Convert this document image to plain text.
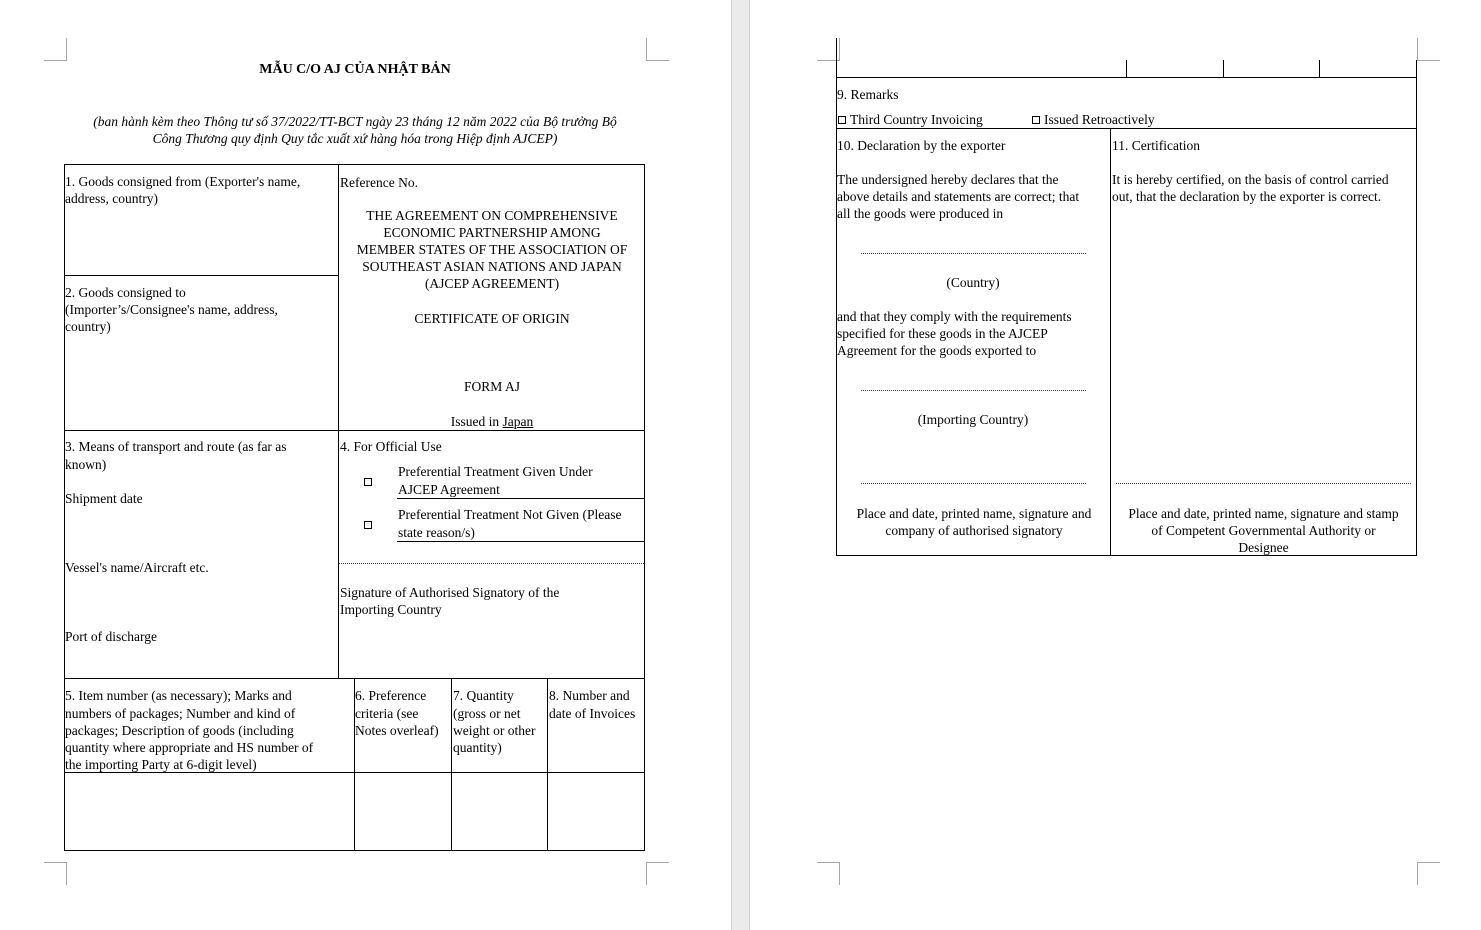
MẪU C/O AJ CỦA NHẬT BẢN
(ban hành kèm theo Thông tư số 37/2022/TT-BCT ngày 23 tháng 12 năm 2022 của Bộ trưởng Bộ
Công Thương quy định Quy tắc xuất xứ hàng hóa trong Hiệp định AJCEP)
1. Goods consigned from (Exporter's name,
address, country)
2. Goods consigned to
(Importer’s/Consignee's name, address,
country)
Reference No.
THE AGREEMENT ON COMPREHENSIVE
ECONOMIC PARTNERSHIP AMONG
MEMBER STATES OF THE ASSOCIATION OF
SOUTHEAST ASIAN NATIONS AND JAPAN
(AJCEP AGREEMENT)
CERTIFICATE OF ORIGIN
FORM AJ
Issued in Japan
3. Means of transport and route (as far as
known)
Shipment date
Vessel's name/Aircraft etc.
Port of discharge
4. For Official Use
Preferential Treatment Given Under
AJCEP Agreement
Preferential Treatment Not Given (Please
state reason/s)
Signature of Authorised Signatory of the
Importing Country
5. Item number (as necessary); Marks and
numbers of packages; Number and kind of
packages; Description of goods (including
quantity where appropriate and HS number of
the importing Party at 6-digit level)
6. Preference
criteria (see
Notes overleaf)
7. Quantity
(gross or net
weight or other
quantity)
8. Number and
date of Invoices
9. Remarks
Third Country Invoicing	Issued Retroactively
10. Declaration by the exporter	11. Certification
The undersigned hereby declares that the
above details and statements are correct; that
all the goods were produced in
(Country)
and that they comply with the requirements
specified for these goods in the AJCEP
Agreement for the goods exported to
(Importing Country)
Place and date, printed name, signature and
company of authorised signatory
It is hereby certified, on the basis of control carried
out, that the declaration by the exporter is correct.
Place and date, printed name, signature and stamp
of Competent Governmental Authority or
Designee
